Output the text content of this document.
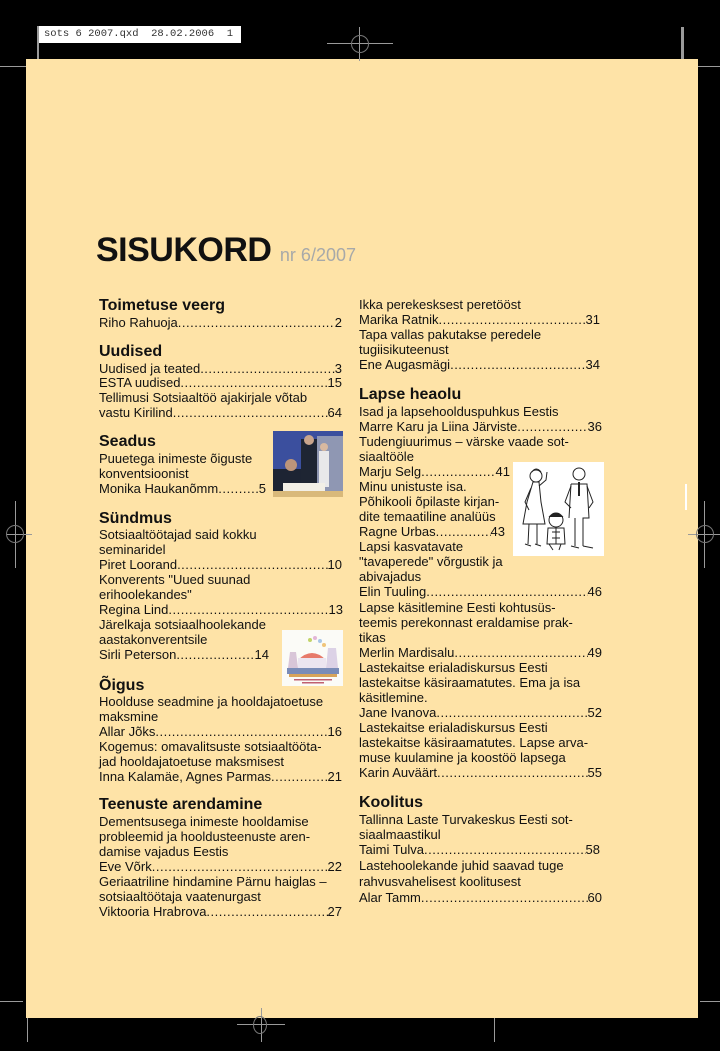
sots 6 2007.qxd  28.02.2006  1
SISUKORD nr 6/2007
Toimetuse veerg
Riho Rahuoja .....	2
Uudised
Uudised ja teated .....	3
ESTA uudised .....	15
Tellimusi Sotsiaaltöö ajakirjale võtab
vastu Kirilind .....	64
Seadus
Puuetega inimeste õiguste
konventsioonist
Monika Haukanõmm .....	5
Sündmus
Sotsiaaltöötajad said kokku
seminaridel
Piret Loorand .....	10
Konverents "Uued suunad
erihoolekandes"
Regina Lind .....	13
Järelkaja sotsiaalhoolekande
aastakonverentsile
Sirli Peterson .....	14
Õigus
Hoolduse seadmine ja hooldajatoetuse
maksmine
Allar Jõks .....	16
Kogemus: omavalitsuste sotsiaaltööta-
jad hooldajatoetuse maksmisest
Inna Kalamäe, Agnes Parmas .....	21
Teenuste arendamine
Dementsusega inimeste hooldamise
probleemid ja hooldusteenuste aren-
damise vajadus Eestis
Eve Võrk .....	22
Geriaatriline hindamine Pärnu haiglas –
sotsiaaltöötaja vaatenurgast
Viktooria Hrabrova .....	27
Ikka perekesksest peretööst
Marika Ratnik .....	31
Tapa vallas pakutakse peredele
tugiisikuteenust
Ene Augasmägi .....	34
Lapse heaolu
Isad ja lapsehoolduspuhkus Eestis
Marre Karu ja Liina Järviste .....	36
Tudengiuurimus – värske vaade sot-
siaaltööle
Marju Selg .....	41
Minu unistuste isa.
Põhikooli õpilaste kirjan-
dite temaatiline analüüs
Ragne Urbas .....	43
Lapsi kasvatavate
"tavaperede" võrgustik ja
abivajadus
Elin Tuuling .....	46
Lapse käsitlemine Eesti kohtusüs-
teemis perekonnast eraldamise prak-
tikas
Merlin Mardisalu .....	49
Lastekaitse erialadiskursus Eesti
lastekaitse käsiraamatutes. Ema ja isa
käsitlemine.
Jane Ivanova .....	52
Lastekaitse erialadiskursus Eesti
lastekaitse käsiraamatutes. Lapse arva-
muse kuulamine ja koostöö lapsega
Karin Auväärt .....	55
Koolitus
Tallinna Laste Turvakeskus Eesti sot-
siaalmaastikul
Taimi Tulva .....	58
Lastehoolekande juhid saavad tuge
rahvusvahelisest koolitusest
Alar Tamm .....	60
